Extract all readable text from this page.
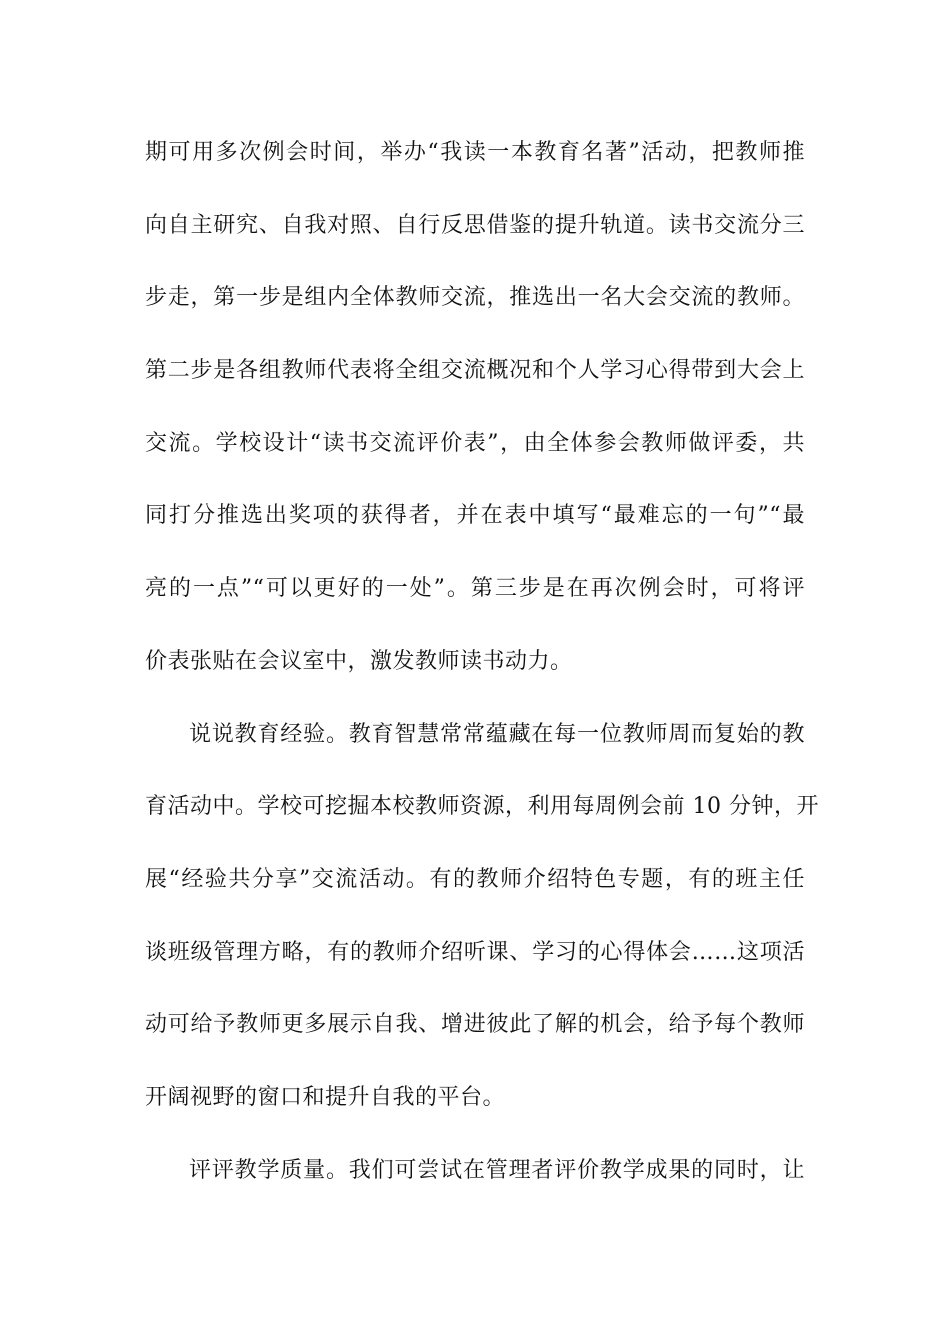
期可用多次例会时间，举办“我读一本教育名著”活动，把教师推
向自主研究、自我对照、自行反思借鉴的提升轨道。读书交流分三
步走，第一步是组内全体教师交流，推选出一名大会交流的教师。
第二步是各组教师代表将全组交流概况和个人学习心得带到大会上
交流。学校设计“读书交流评价表”，由全体参会教师做评委，共
同打分推选出奖项的获得者，并在表中填写“最难忘的一句”“最
亮的一点”“可以更好的一处”。第三步是在再次例会时，可将评
价表张贴在会议室中，激发教师读书动力。
说说教育经验。教育智慧常常蕴藏在每一位教师周而复始的教
育活动中。学校可挖掘本校教师资源，利用每周例会前 10 分钟，开
展“经验共分享”交流活动。有的教师介绍特色专题，有的班主任
谈班级管理方略，有的教师介绍听课、学习的心得体会……这项活
动可给予教师更多展示自我、增进彼此了解的机会，给予每个教师
开阔视野的窗口和提升自我的平台。
评评教学质量。我们可尝试在管理者评价教学成果的同时，让
